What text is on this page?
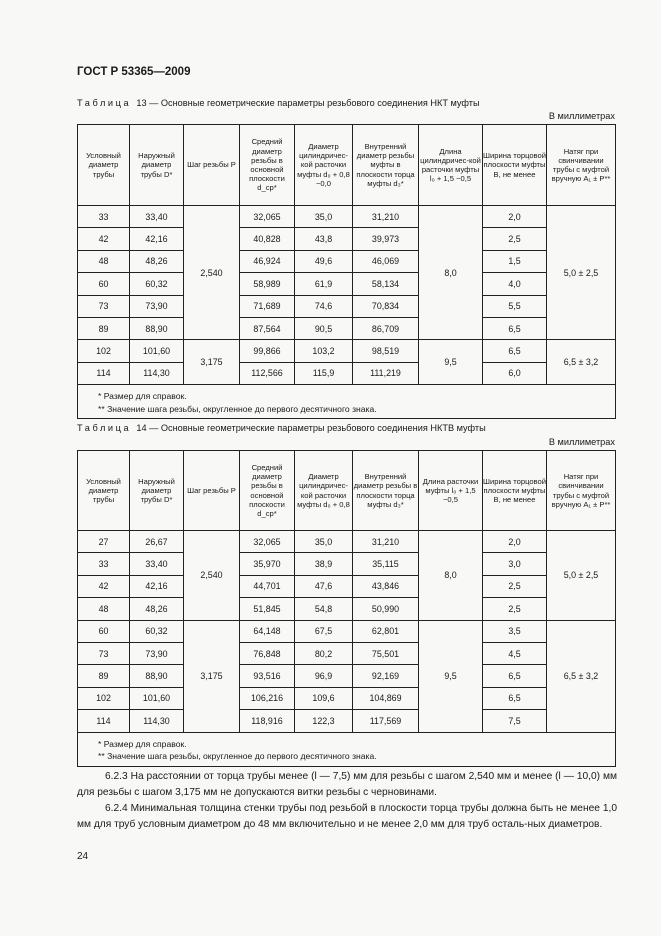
ГОСТ Р 53365—2009
Таблица 13 — Основные геометрические параметры резьбового соединения НКТ муфты
В миллиметрах
Условный диаметр трубы	Наружный диаметр трубы D*	Шаг резьбы P	Средний диаметр резьбы в основной плоскости d_ср*	Диаметр цилиндричес-кой расточки муфты d₀ + 0,8 −0,0	Внутренний диаметр резьбы муфты в плоскости торца муфты d₃*	Длина цилиндричес-кой расточки муфты l₀ + 1,5 −0,5	Ширина торцовой плоскости муфты B, не менее	Натяг при свинчивании трубы с муфтой вручную A₁ ± P**
33	33,40	2,540	32,065	35,0	31,210	8,0	2,0	5,0 ± 2,5
42	42,16		40,828	43,8	39,973		2,5	
48	48,26		46,924	49,6	46,069		1,5	
60	60,32		58,989	61,9	58,134		4,0	
73	73,90		71,689	74,6	70,834		5,5	
89	88,90		87,564	90,5	86,709		6,5	
102	101,60	3,175	99,866	103,2	98,519	9,5	6,5	6,5 ± 3,2
114	114,30		112,566	115,9	111,219		6,0	

* Размер для справок.
** Значение шага резьбы, округленное до первого десятичного знака.								
Таблица 14 — Основные геометрические параметры резьбового соединения НКТВ муфты
В миллиметрах
Условный диаметр трубы	Наружный диаметр трубы D*	Шаг резьбы P	Средний диаметр резьбы в основной плоскости d_ср*	Диаметр цилиндричес-кой расточки муфты d₀ + 0,8	Внутренний диаметр резьбы в плоскости торца муфты d₃*	Длина расточки муфты l₀ + 1,5 −0,5	Ширина торцовой плоскости муфты B, не менее	Натяг при свинчивании трубы с муфтой вручную A₁ ± P**
27	26,67	2,540	32,065	35,0	31,210	8,0	2,0	5,0 ± 2,5
33	33,40		35,970	38,9	35,115		3,0	
42	42,16		44,701	47,6	43,846		2,5	
48	48,26		51,845	54,8	50,990		2,5	
60	60,32	3,175	64,148	67,5	62,801	9,5	3,5	6,5 ± 3,2
73	73,90		76,848	80,2	75,501		4,5	
89	88,90		93,516	96,9	92,169		6,5	
102	101,60		106,216	109,6	104,869		6,5	
114	114,30		118,916	122,3	117,569		7,5	

* Размер для справок.
** Значение шага резьбы, округленное до первого десятичного знака.								
6.2.3 На расстоянии от торца трубы менее (l — 7,5) мм для резьбы с шагом 2,540 мм и менее (l — 10,0) мм для резьбы с шагом 3,175 мм не допускаются витки резьбы с черновинами.
6.2.4 Минимальная толщина стенки трубы под резьбой в плоскости торца трубы должна быть не менее 1,0 мм для труб условным диаметром до 48 мм включительно и не менее 2,0 мм для труб осталь-ных диаметров.
24
